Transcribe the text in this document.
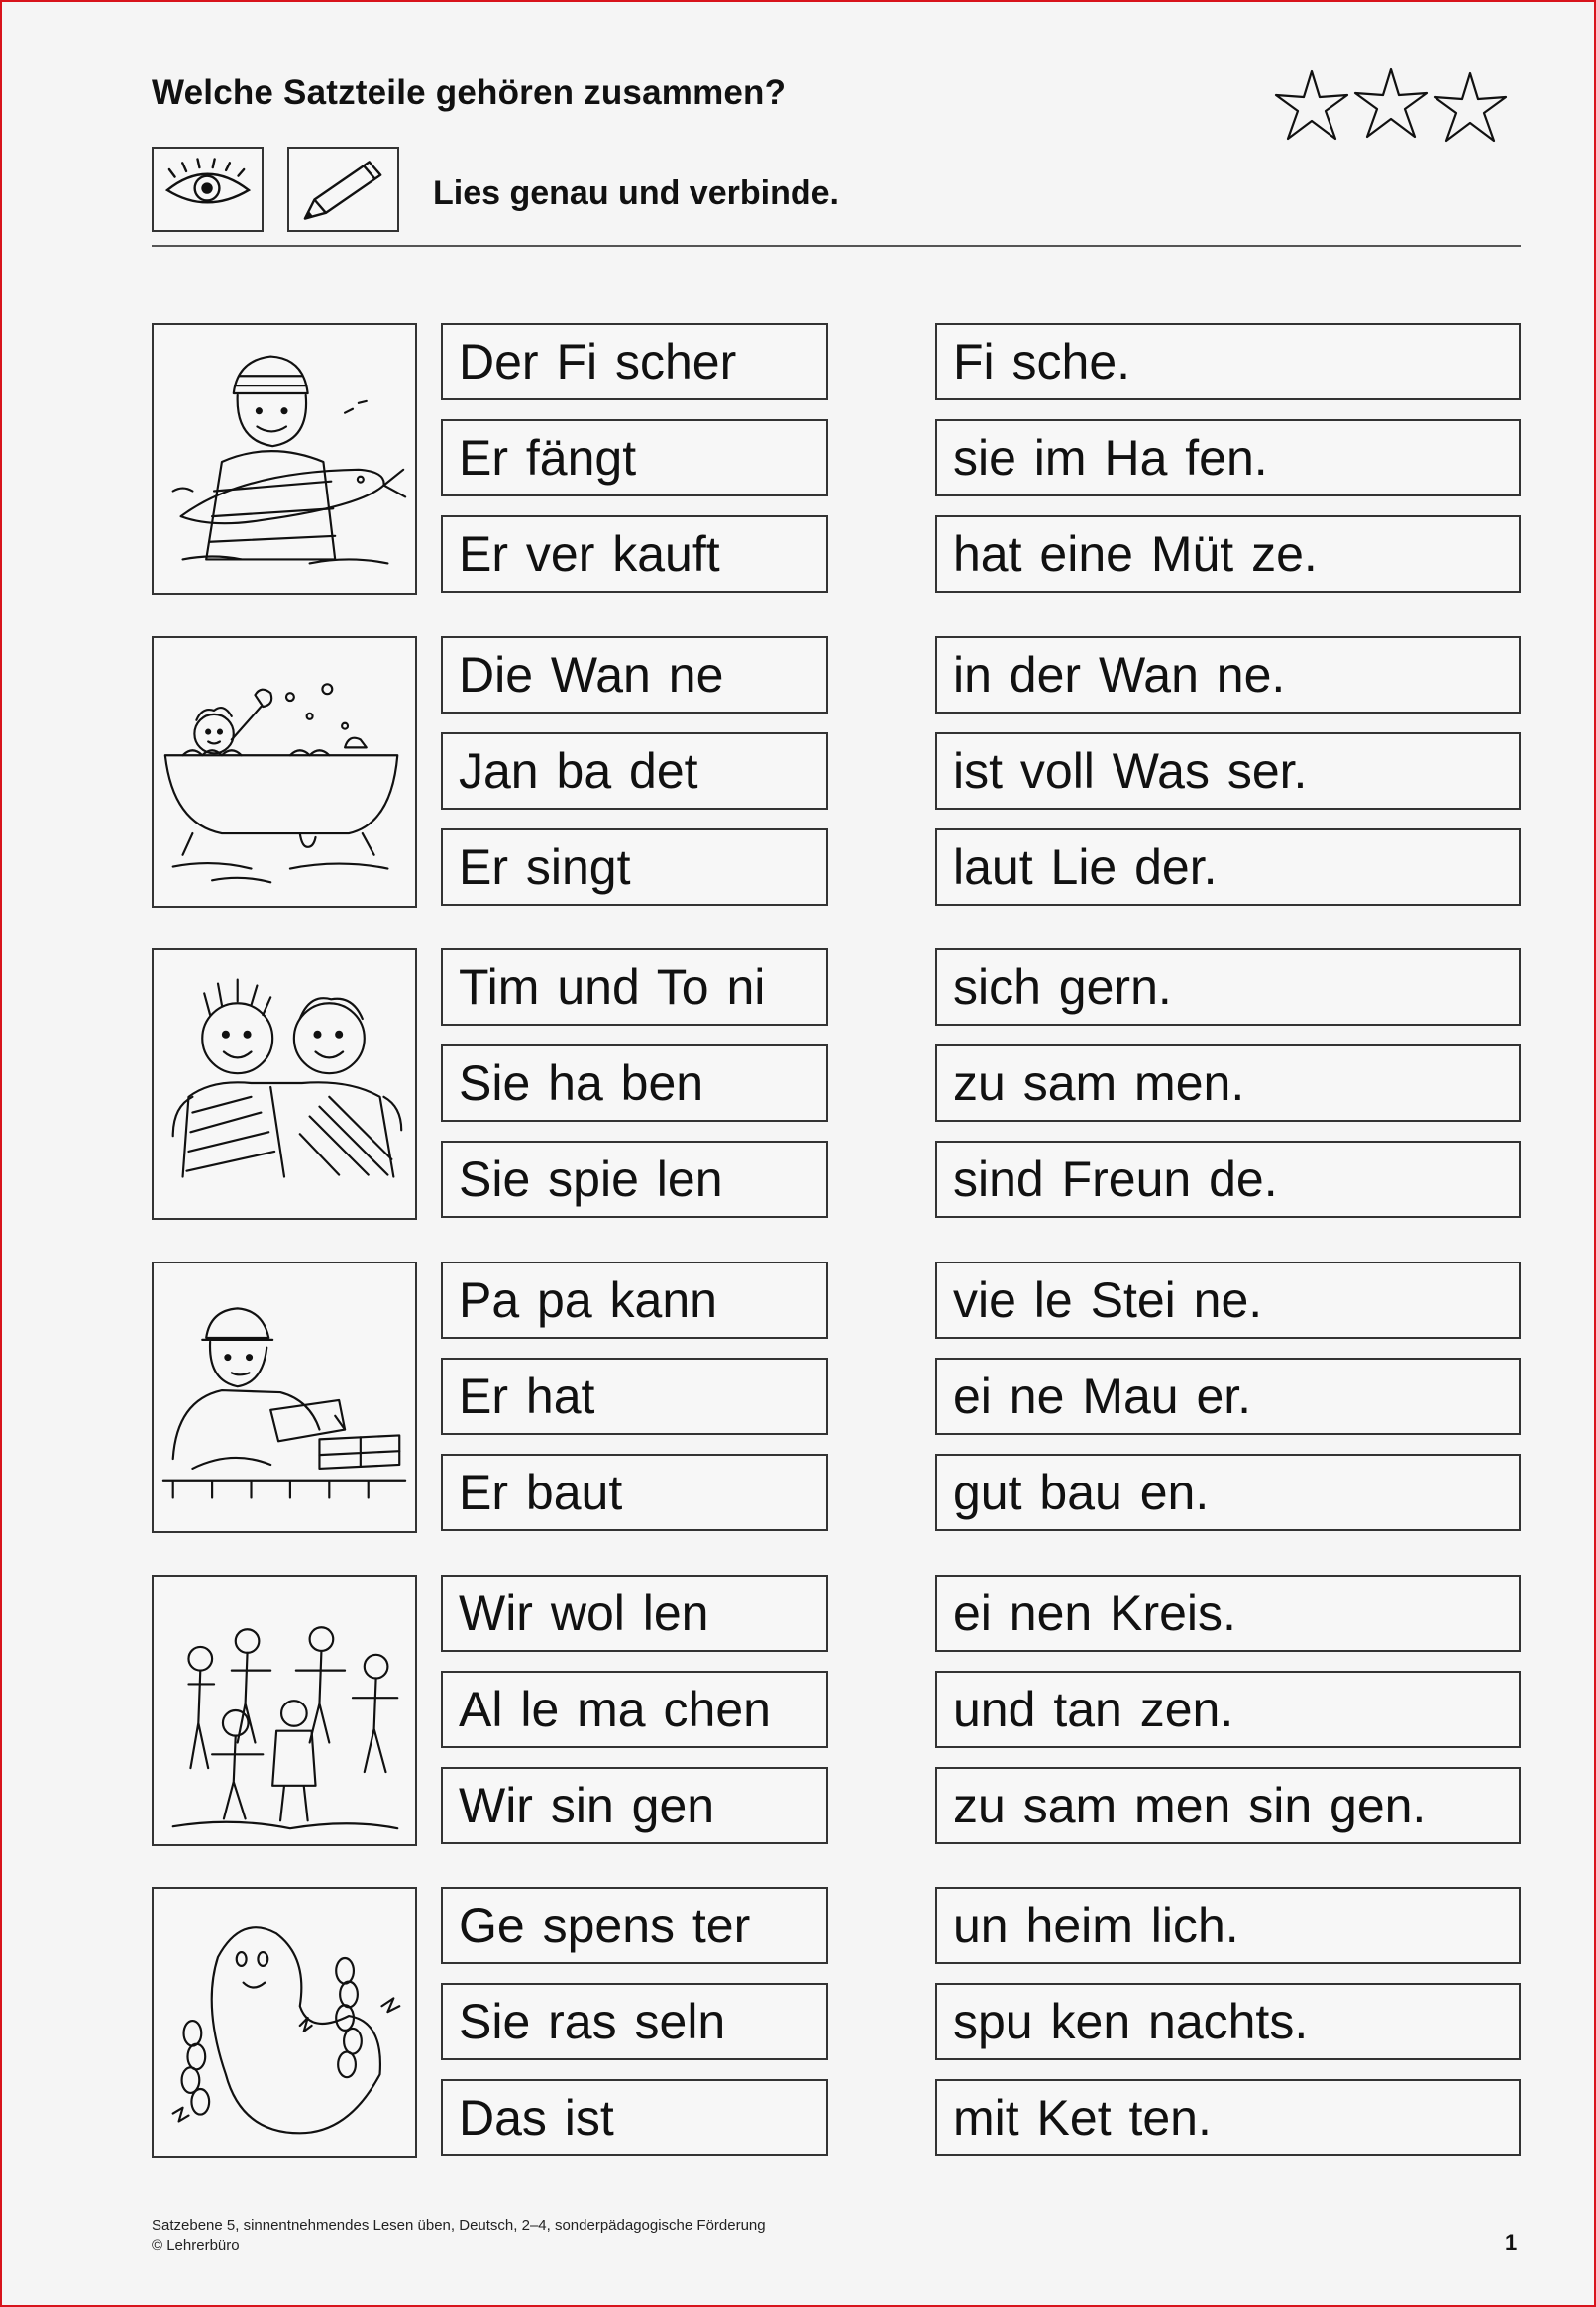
Welche Satzteile gehören zusammen?
Lies genau und verbinde.
Der Fi scher
Er fängt
Er ver kauft
Fi sche.
sie im Ha fen.
hat eine Müt ze.
Die Wan ne
Jan ba det
Er singt
in der Wan ne.
ist voll Was ser.
laut Lie der.
Tim und To ni
Sie ha ben
Sie spie len
sich gern.
zu sam men.
sind Freun de.
Pa pa kann
Er hat
Er baut
vie le Stei ne.
ei ne Mau er.
gut bau en.
Wir wol len
Al le ma chen
Wir sin gen
ei nen Kreis.
und tan zen.
zu sam men sin gen.
Ge spens ter
Sie ras seln
Das ist
un heim lich.
spu ken nachts.
mit Ket ten.
Satzebene 5, sinnentnehmendes Lesen üben, Deutsch, 2–4, sonderpädagogische Förderung
© Lehrerbüro	1
